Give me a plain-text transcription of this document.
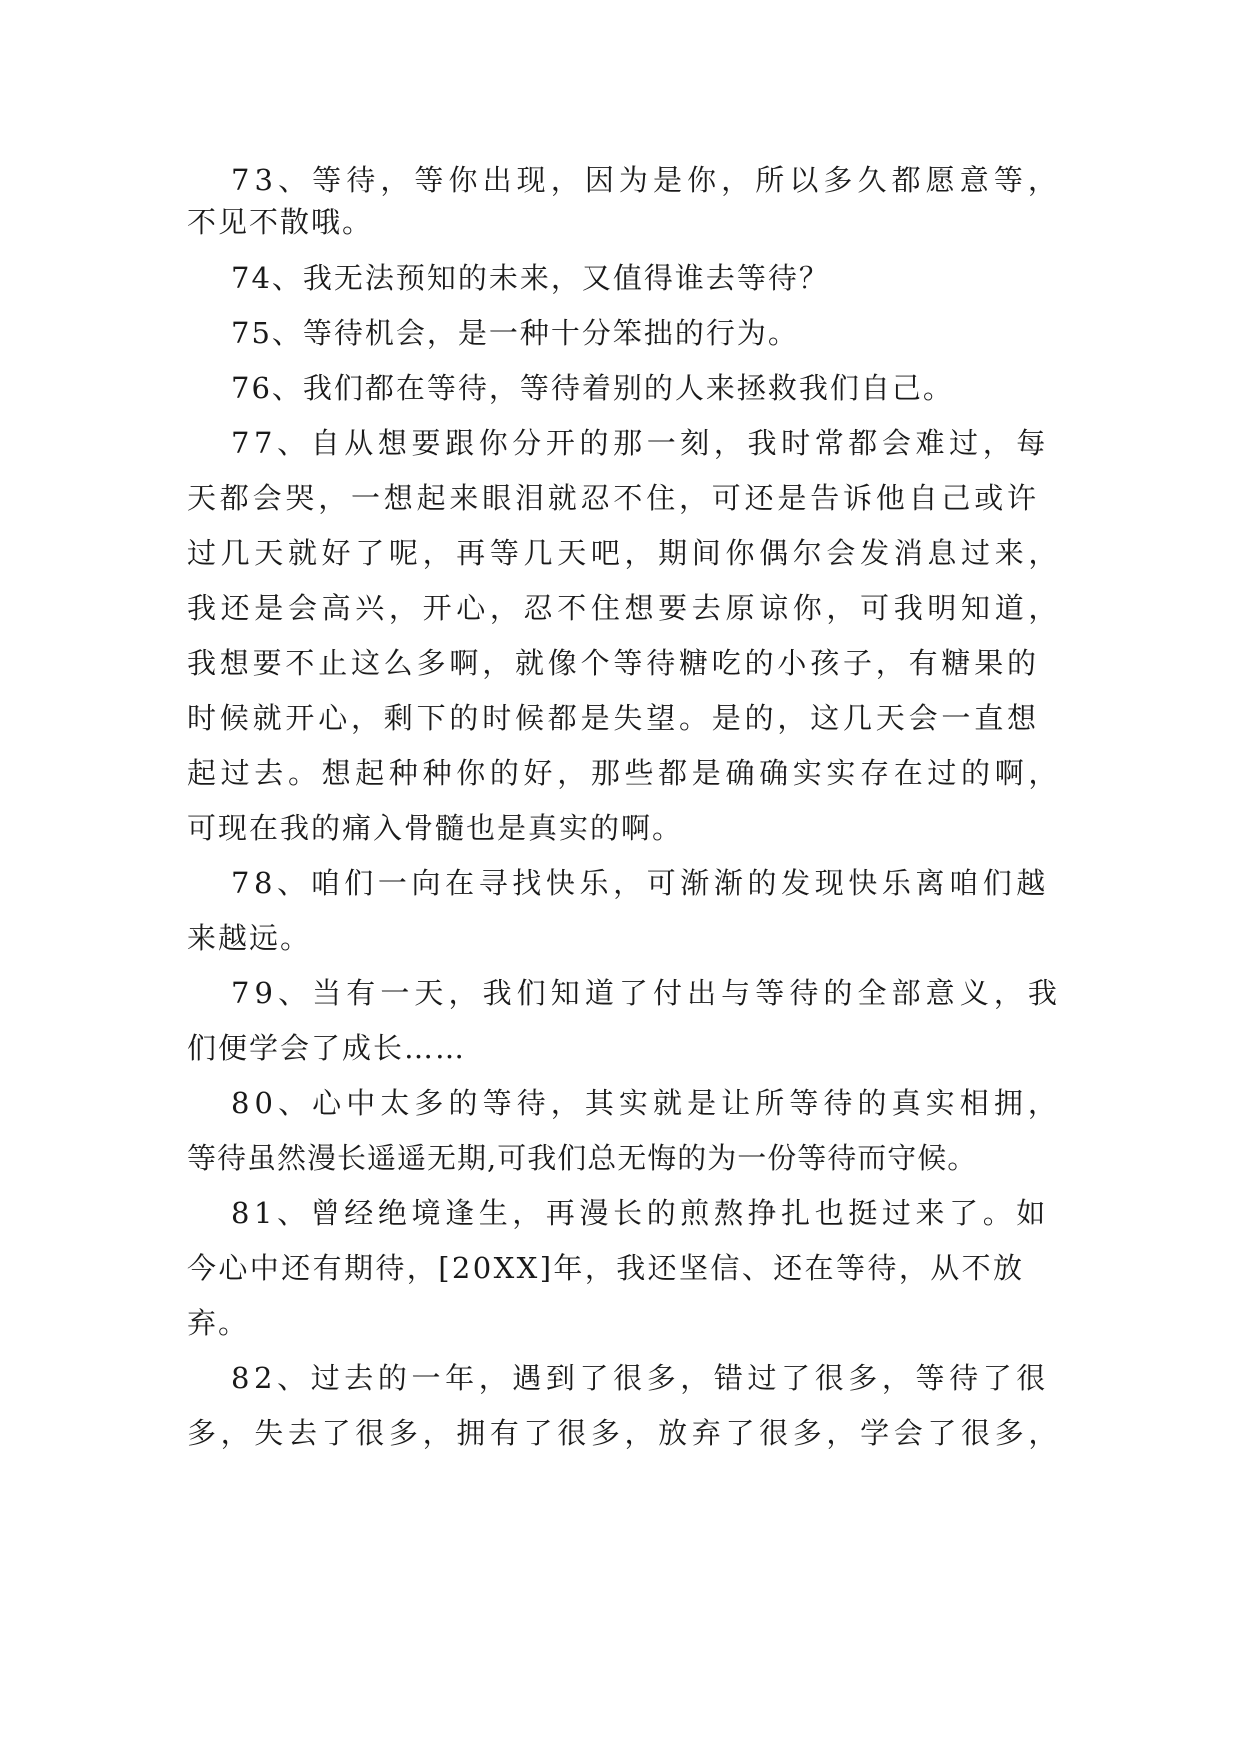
73、等待，等你出现，因为是你，所以多久都愿意等，
不见不散哦。
74、我无法预知的未来，又值得谁去等待？
75、等待机会，是一种十分笨拙的行为。
76、我们都在等待，等待着别的人来拯救我们自己。
77、自从想要跟你分开的那一刻，我时常都会难过，每
天都会哭，一想起来眼泪就忍不住，可还是告诉他自己或许
过几天就好了呢，再等几天吧，期间你偶尔会发消息过来，
我还是会高兴，开心，忍不住想要去原谅你，可我明知道，
我想要不止这么多啊，就像个等待糖吃的小孩子，有糖果的
时候就开心，剩下的时候都是失望。是的，这几天会一直想
起过去。想起种种你的好，那些都是确确实实存在过的啊，
可现在我的痛入骨髓也是真实的啊。
78、咱们一向在寻找快乐，可渐渐的发现快乐离咱们越
来越远。
79、当有一天，我们知道了付出与等待的全部意义，我
们便学会了成长……
80、心中太多的等待，其实就是让所等待的真实相拥，
等待虽然漫长遥遥无期,可我们总无悔的为一份等待而守候。
81、曾经绝境逢生，再漫长的煎熬挣扎也挺过来了。如
今心中还有期待，[20XX]年，我还坚信、还在等待，从不放
弃。
82、过去的一年，遇到了很多，错过了很多，等待了很
多，失去了很多，拥有了很多，放弃了很多，学会了很多，
